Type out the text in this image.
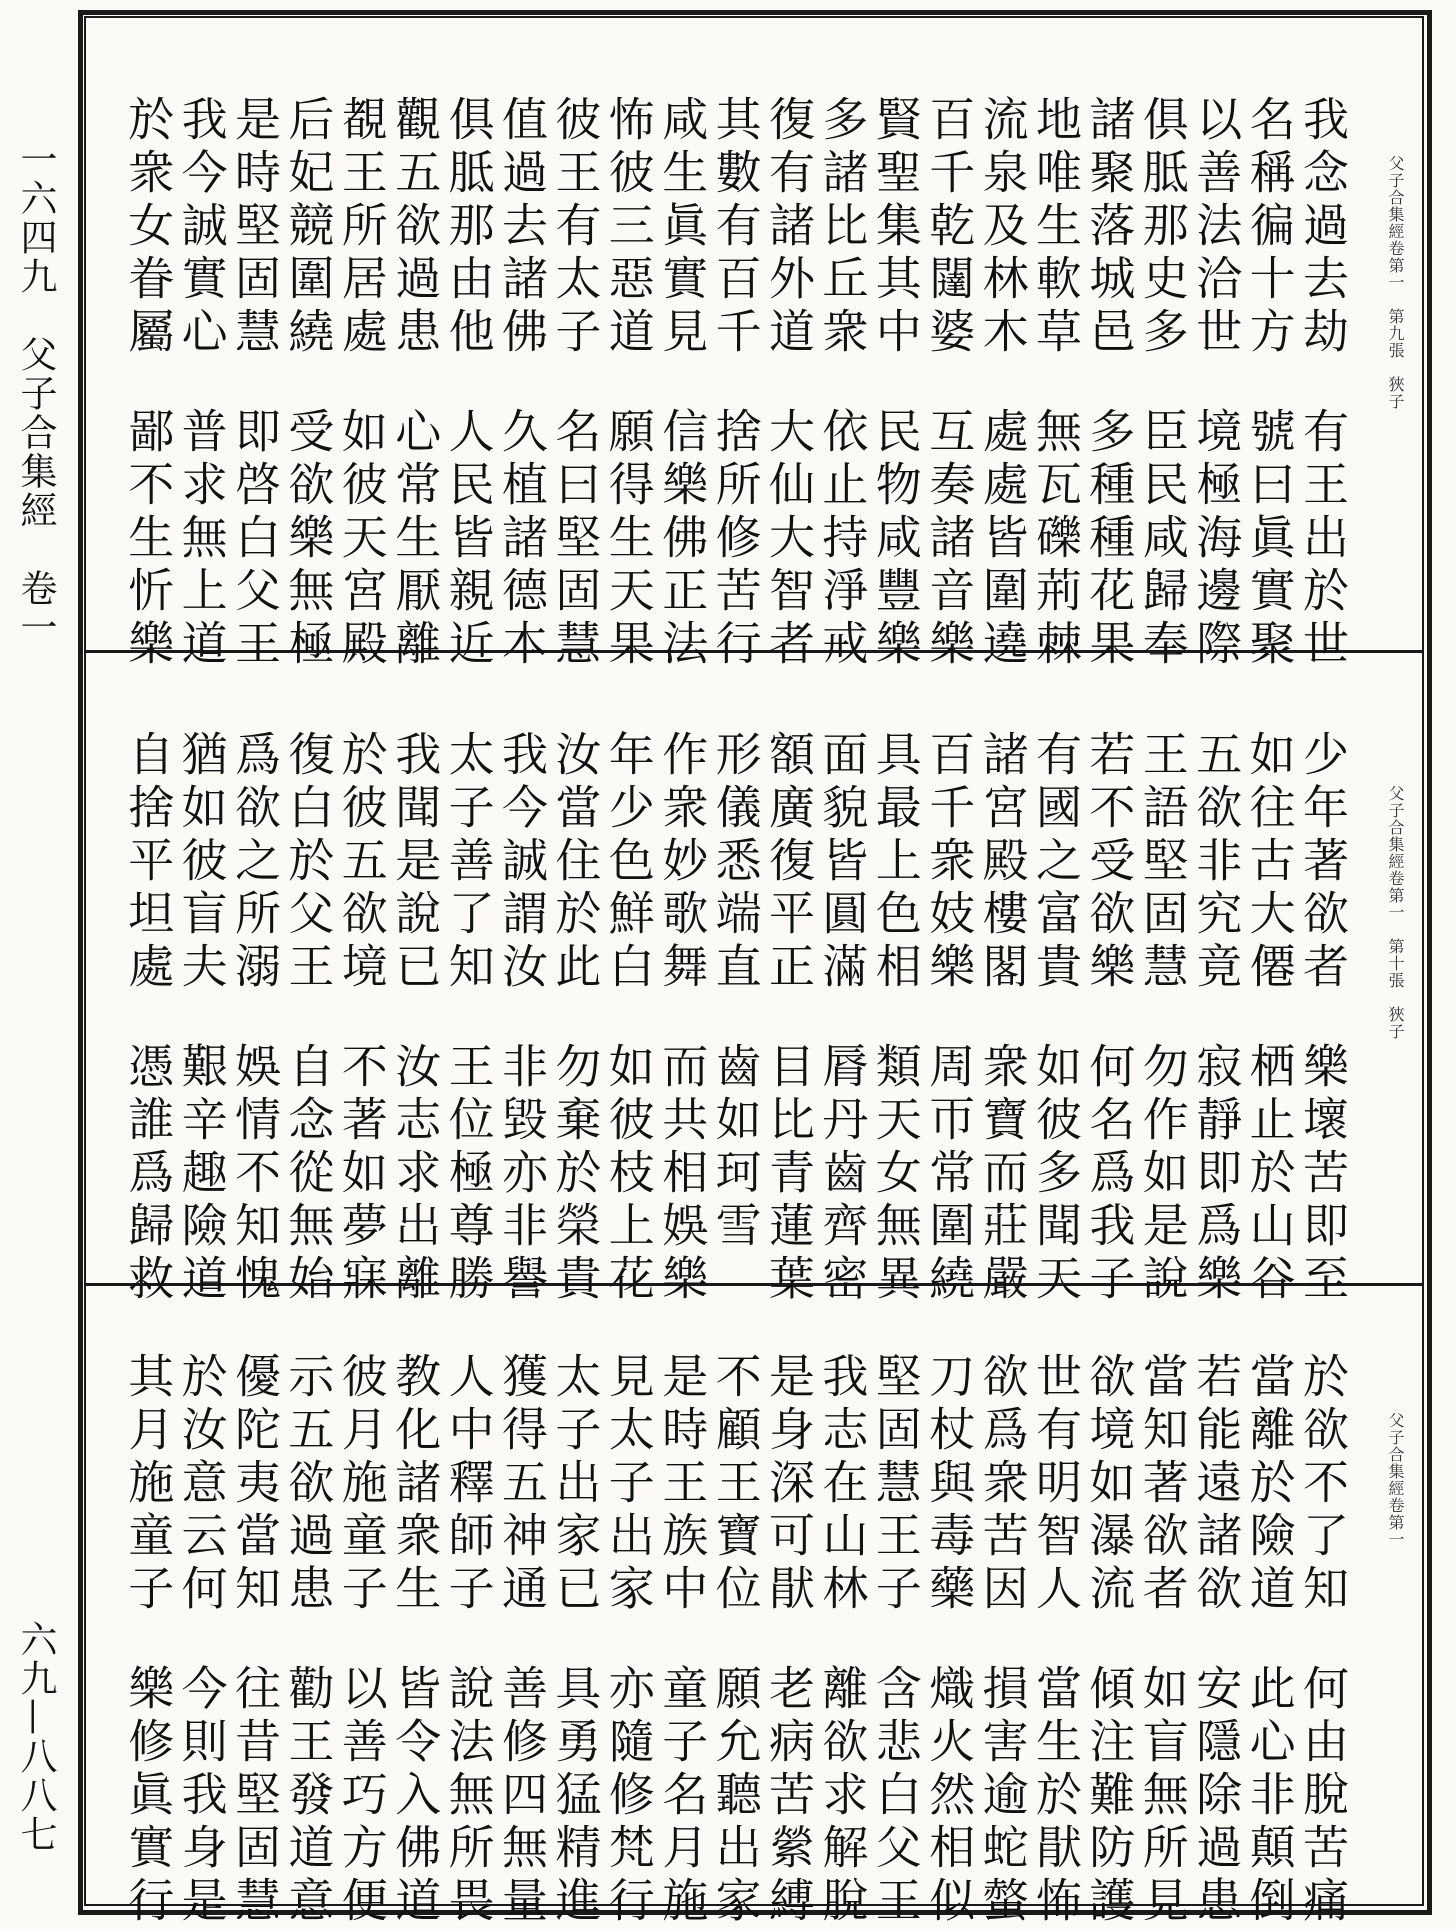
一六四九　父子合集經　卷一
六九—八八七
父子合集經卷第一　第九張　狹子
我念過去劫
名稱徧十方
以善法洽世
俱胝那史多
諸聚落城邑
地唯生軟草
流泉及林木
百千乾闥婆
賢聖集其中
多諸比丘衆
復有諸外道
其數有百千
咸生眞實見
怖彼三惡道
彼王有太子
值過去諸佛
俱胝那由他
觀五欲過患
覩王所居處
后妃競圍繞
是時堅固慧
我今誠實心
於衆女眷屬
有王出於世
號曰眞實聚
境極海邊際
臣民咸歸奉
多種種花果
無瓦礫荊棘
處處皆圍遶
互奏諸音樂
民物咸豐樂
依止持淨戒
大仙大智者
捨所修苦行
信樂佛正法
願得生天果
名曰堅固慧
久植諸德本
人民皆親近
心常生厭離
如彼天宮殿
受欲樂無極
即啓白父王
普求無上道
鄙不生忻樂
父子合集經卷第一　第十張　狹子
少年著欲者
如往古大僊
五欲非究竟
王語堅固慧
若不受欲樂
有國之富貴
諸宮殿樓閣
百千衆妓樂
具最上色相
面貌皆圓滿
額廣復平正
形儀悉端直
作衆妙歌舞
年少色鮮白
汝當住於此
我今誠謂汝
太子善了知
我聞是說已
於彼五欲境
復白於父王
爲欲之所溺
猶如彼盲夫
自捨平坦處
樂壞苦即至
栖止於山谷
寂靜即爲樂
勿作如是說
何名爲我子
如彼多聞天
衆寶而莊嚴
周帀常圍繞
類天女無異
脣丹齒齊密
目比青蓮葉
齒如珂雪
而共相娛樂
如彼枝上花
勿棄於榮貴
非毀亦非譽
王位極尊勝
汝志求出離
不著如夢寐
自念從無始
娛情不知愧
艱辛趣險道
憑誰爲歸救
父子合集經卷第一
於欲不了知
當離於險道
若能遠諸欲
當知著欲者
欲境如瀑流
世有明智人
欲爲衆苦因
刀杖與毒藥
堅固慧王子
我志在山林
是身深可猒
不顧王寶位
是時王族中
見太子出家
太子出家已
獲得五神通
人中釋師子
教化諸衆生
彼月施童子
示五欲過患
優陀夷當知
於汝意云何
其月施童子
何由脫苦痛
此心非顛倒
安隱除過患
如盲無所見
傾注難防護
當生於猒怖
損害逾蛇螫
熾火然相似
含悲白父王
離欲求解脫
老病苦縈縛
願允聽出家
童子名月施
亦隨修梵行
具勇猛精進
善修四無量
說法無所畏
皆令入佛道
以善巧方便
勸王發道意
往昔堅固慧
今則我身是
樂修眞實行
